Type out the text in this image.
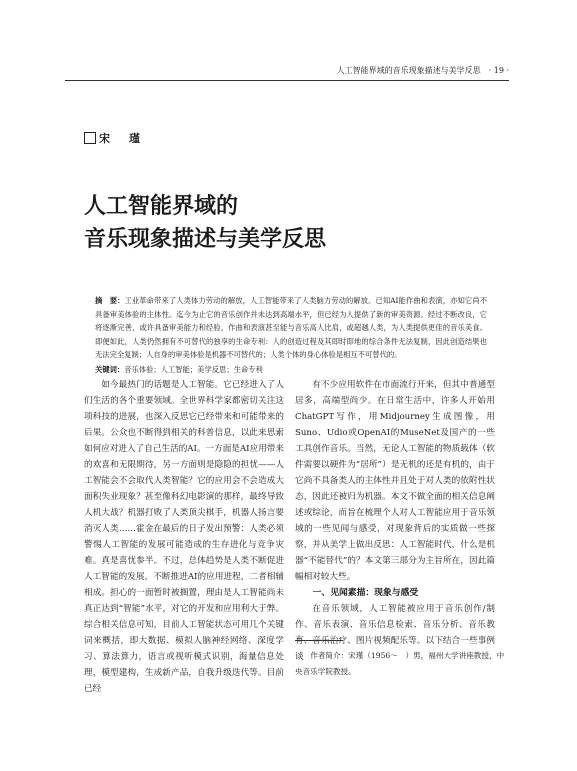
人工智能界域的音乐现象描述与美学反思　· 19 ·
宋　瑾
人工智能界域的
音乐现象描述与美学反思
摘　要：工业革命带来了人类体力劳动的解放，人工智能带来了人类脑力劳动的解放。已知AI能作曲和表演，亦知它尚不具备审美体验的主体性。迄今为止它的音乐创作并未达到高端水平，但已经为人提供了新的审美资源。经过不断改良，它将逐渐完善，或许具备审美能力和经验，作曲和表演甚至能与音乐高人比肩，或超越人类，为人类提供更佳的音乐美食。即便如此，人类仍然拥有不可替代的独享的生命专利：人的创造过程及其即时即地的综合条件无法复制，因此创造结果也无法完全复制；人自身的审美体验是机器不可替代的；人类个体的身心体验是相互不可替代的。
关键词：音乐体验；人工智能；美学反思；生命专利

如今最热门的话题是人工智能。它已经进入了人们生活的各个重要领域。全世界科学家都密切关注这项科技的进展，也深入反思它已经带来和可能带来的后果。公众也不断得到相关的科普信息，以此来思索如何应对进入了自己生活的AI。一方面是AI应用带来的欢喜和无限期待，另一方面则是隐隐的担忧——人工智能会不会取代人类智能？它的应用会不会造成大面积失业现象？甚至像科幻电影演的那样，最终导致人机大战？机器打败了人类顶尖棋手，机器人扬言要消灭人类……霍金在最后的日子发出预警：人类必须警惕人工智能的发展可能造成的生存进化与竞争灾难。真是喜忧参半。不过，总体趋势是人类不断促进人工智能的发展，不断推进AI的应用进程，二者相辅相成。担心的一面暂时被搁置，理由是人工智能尚未真正达到“智能”水平，对它的开发和应用利大于弊。综合相关信息可知，目前人工智能状态可用几个关键词来概括，即大数据、模拟人脑神经网络、深度学习、算法算力，语言或视听模式识别，海量信息处理，模型建构，生成新产品，自我升级迭代等。目前已经

有不少应用软件在市面流行开来，但其中普通型居多，高端型尚少。在日常生活中，许多人开始用ChatGPT写作，用Midjourney生成图像，用Suno、Udio或OpenAI的MuseNet及国产的一些工具创作音乐。当然，无论人工智能的物质载体（软件需要以硬件为“居所”）是无机的还是有机的，由于它尚不具备类人的主体性并且处于对人类的依附性状态，因此还被归为机器。本文不做全面的相关信息阐述或综论，而旨在梳理个人对人工智能应用于音乐领域的一些见闻与感受，对现象背后的实质做一些探察，并从美学上做出反思：人工智能时代，什么是机器“不能替代”的？本文第三部分为主旨所在，因此篇幅相对较大些。

一、见闻素描：现象与感受

在音乐领域，人工智能被应用于音乐创作/制作、音乐表演、音乐信息检索、音乐分析、音乐教育、音乐治疗、图片视频配乐等。以下结合一些事例谈 作者简介：宋瑾（1956～　）男，福州大学讲座教授，中央音乐学院教授。
